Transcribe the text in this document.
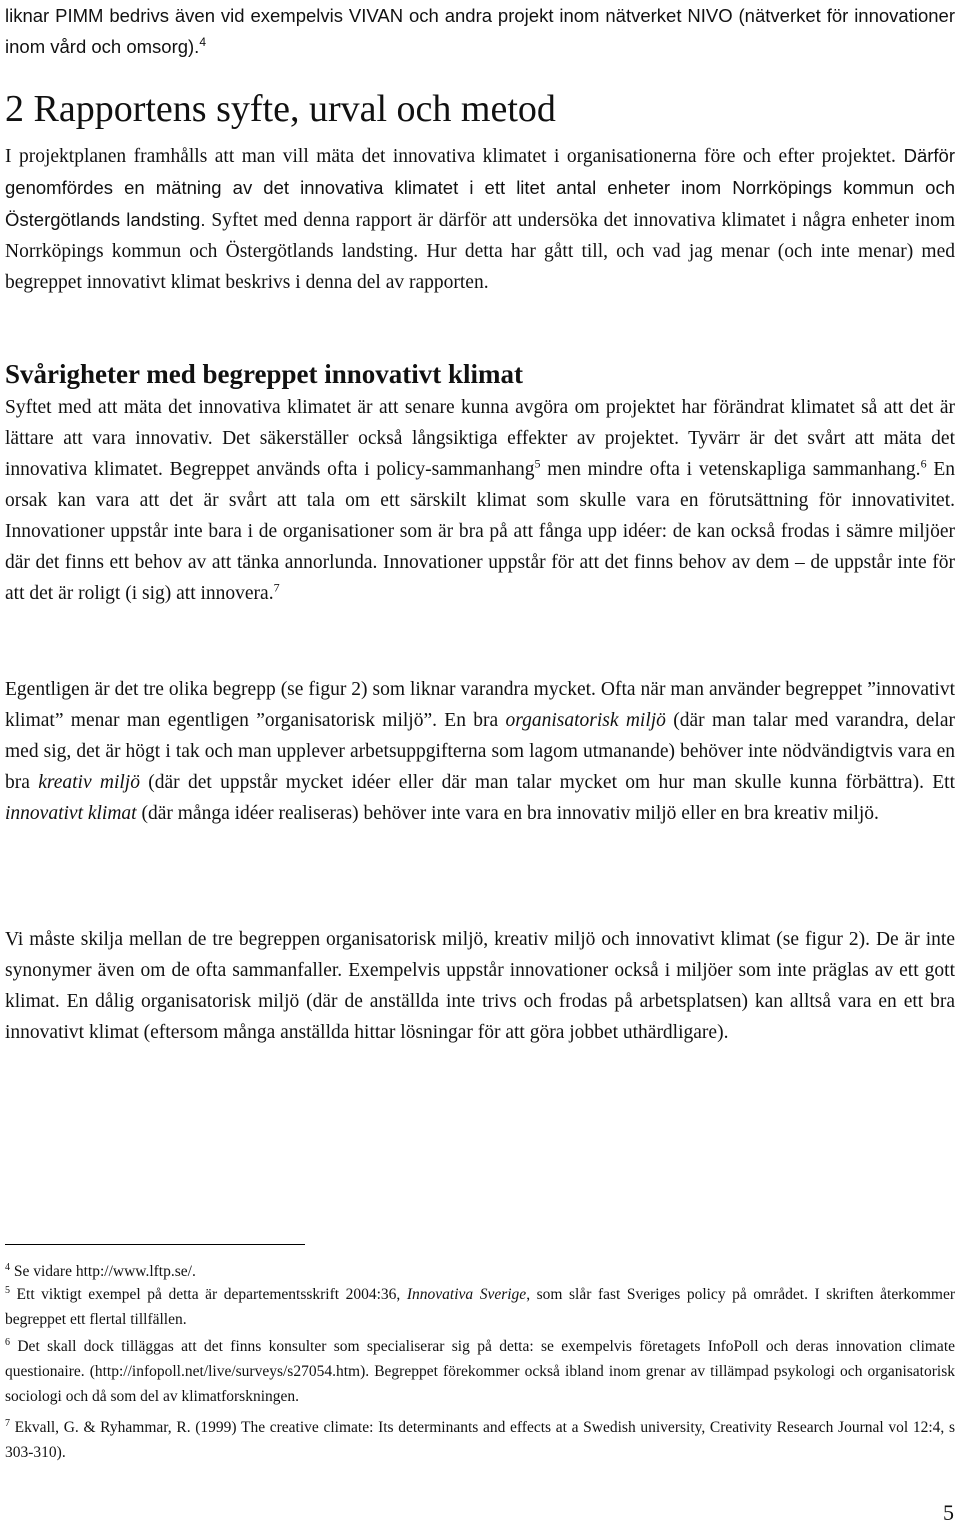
liknar PIMM bedrivs även vid exempelvis VIVAN och andra projekt inom nätverket NIVO (nätverket för innovationer inom vård och omsorg).$^4$

2 Rapportens syfte, urval och metod

I projektplanen framhålls att man vill mäta det innovativa klimatet i organisationerna före och efter projektet. Därför genomfördes en mätning av det innovativa klimatet i ett litet antal enheter inom Norrköpings kommun och Östergötlands landsting. Syftet med denna rapport är därför att undersöka det innovativa klimatet i några enheter inom Norrköpings kommun och Östergötlands landsting. Hur detta har gått till, och vad jag menar (och inte menar) med begreppet innovativt klimat beskrivs i denna del av rapporten.

Svårigheter med begreppet innovativt klimat

Syftet med att mäta det innovativa klimatet är att senare kunna avgöra om projektet har förändrat klimatet så att det är lättare att vara innovativ. Det säkerställer också långsiktiga effekter av projektet. Tyvärr är det svårt att mäta det innovativa klimatet. Begreppet används ofta i policy-sammanhang$^5$ men mindre ofta i vetenskapliga sammanhang.$^6$ En orsak kan vara att det är svårt att tala om ett särskilt klimat som skulle vara en förutsättning för innovativitet. Innovationer uppstår inte bara i de organisationer som är bra på att fånga upp idéer: de kan också frodas i sämre miljöer där det finns ett behov av att tänka annorlunda. Innovationer uppstår för att det finns behov av dem – de uppstår inte för att det är roligt (i sig) att innovera.$^7$

Egentligen är det tre olika begrepp (se figur 2) som liknar varandra mycket. Ofta när man använder begreppet ”innovativt klimat” menar man egentligen ”organisatorisk miljö”. En bra organisatorisk miljö (där man talar med varandra, delar med sig, det är högt i tak och man upplever arbetsuppgifterna som lagom utmanande) behöver inte nödvändigtvis vara en bra kreativ miljö (där det uppstår mycket idéer eller där man talar mycket om hur man skulle kunna förbättra). Ett innovativt klimat (där många idéer realiseras) behöver inte vara en bra innovativ miljö eller en bra kreativ miljö.

Vi måste skilja mellan de tre begreppen organisatorisk miljö, kreativ miljö och innovativt klimat (se figur 2). De är inte synonymer även om de ofta sammanfaller. Exempelvis uppstår innovationer också i miljöer som inte präglas av ett gott klimat. En dålig organisatorisk miljö (där de anställda inte trivs och frodas på arbetsplatsen) kan alltså vara en ett bra innovativt klimat (eftersom många anställda hittar lösningar för att göra jobbet uthärdligare).

$^4$ Se vidare http://www.lftp.se/.

$^5$ Ett viktigt exempel på detta är departementsskrift 2004:36, Innovativa Sverige, som slår fast Sveriges policy på området. I skriften återkommer begreppet ett flertal tillfällen.

$^6$ Det skall dock tilläggas att det finns konsulter som specialiserar sig på detta: se exempelvis företagets InfoPoll och deras innovation climate questionaire. (http://infopoll.net/live/surveys/s27054.htm). Begreppet förekommer också ibland inom grenar av tillämpad psykologi och organisatorisk sociologi och då som del av klimatforskningen.

$^7$ Ekvall, G. & Ryhammar, R. (1999) The creative climate: Its determinants and effects at a Swedish university, Creativity Research Journal vol 12:4, s 303-310).

5
